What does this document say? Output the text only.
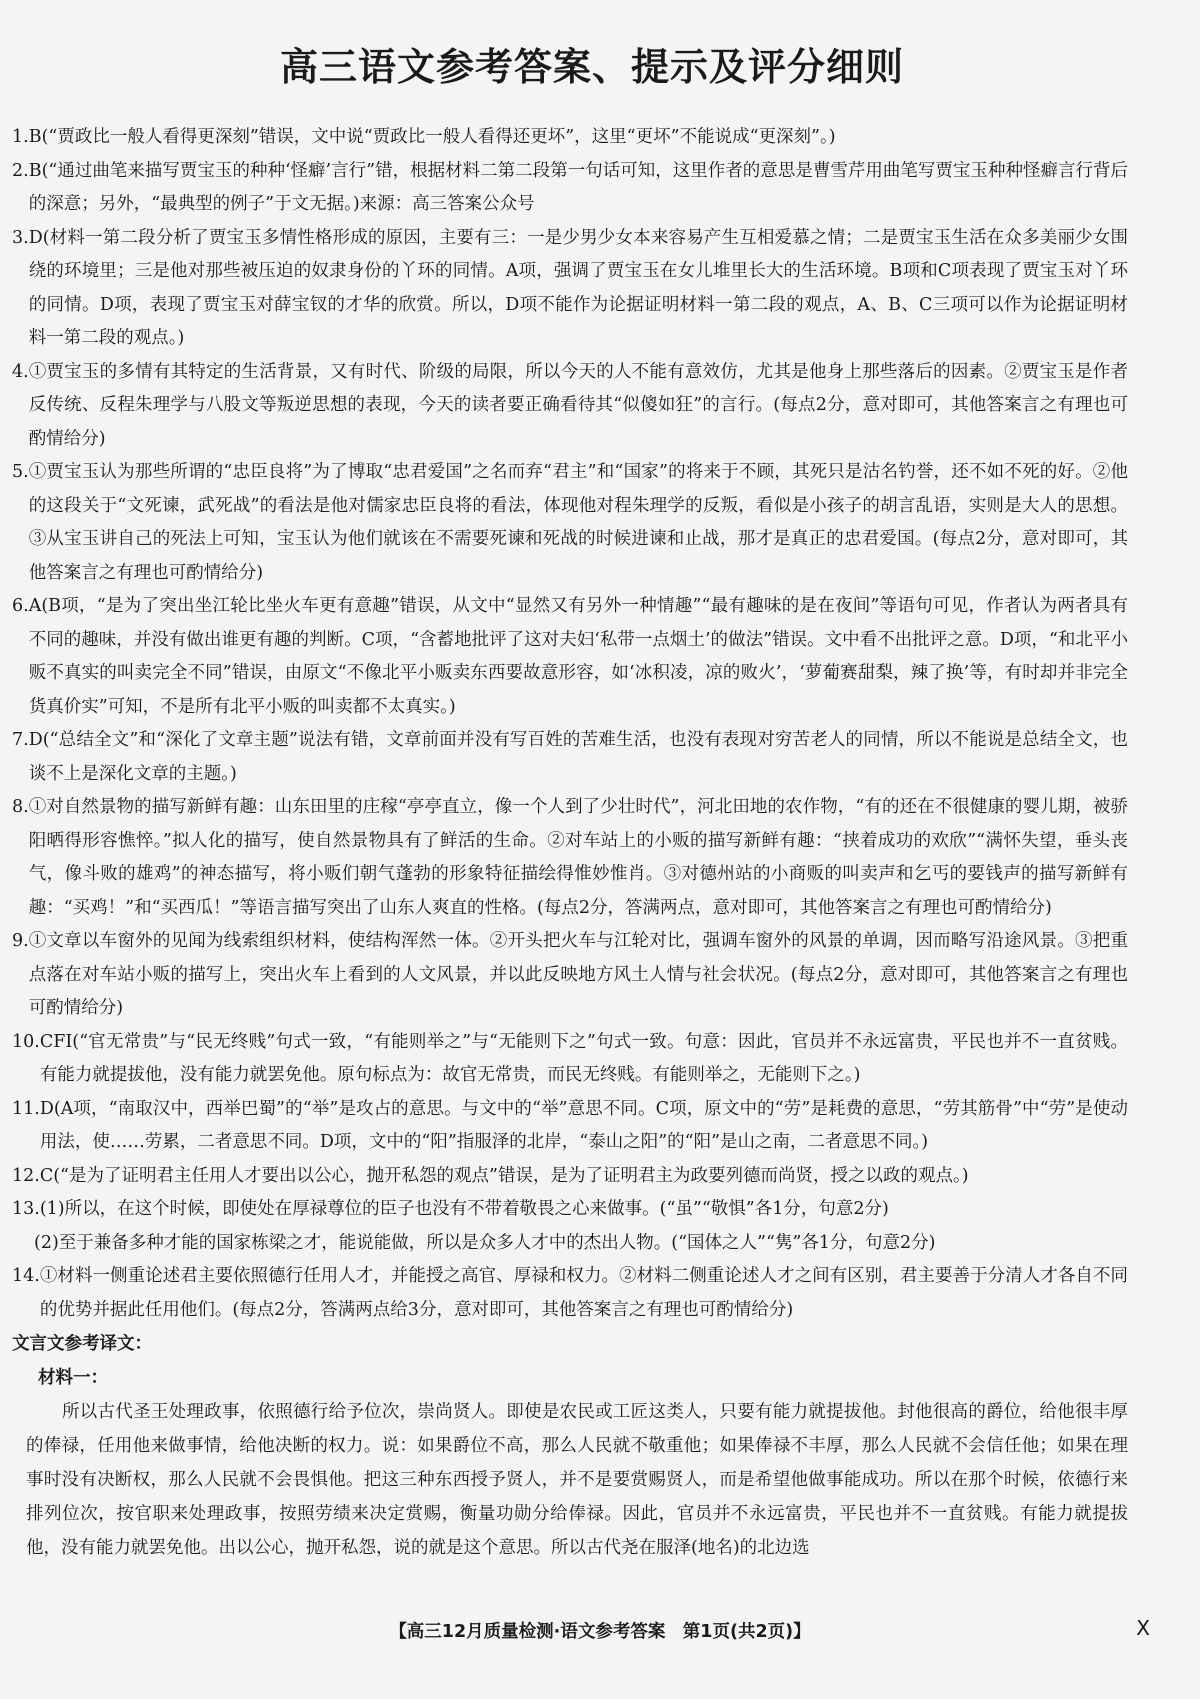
高三语文参考答案、提示及评分细则
1. B(“贾政比一般人看得更深刻”错误，文中说“贾政比一般人看得还更坏”，这里“更坏”不能说成“更深刻”。)
2. B(“通过曲笔来描写贾宝玉的种种‘怪癖’言行”错，根据材料二第二段第一句话可知，这里作者的意思是曹雪芹用曲笔写贾宝玉种种怪癖言行背后的深意；另外，“最典型的例子”于文无据。)来源：高三答案公众号
3. D(材料一第二段分析了贾宝玉多情性格形成的原因，主要有三：一是少男少女本来容易产生互相爱慕之情；二是贾宝玉生活在众多美丽少女围绕的环境里；三是他对那些被压迫的奴隶身份的丫环的同情。A项，强调了贾宝玉在女儿堆里长大的生活环境。B项和C项表现了贾宝玉对丫环的同情。D项，表现了贾宝玉对薛宝钗的才华的欣赏。所以，D项不能作为论据证明材料一第二段的观点，A、B、C三项可以作为论据证明材料一第二段的观点。)
4. ①贾宝玉的多情有其特定的生活背景，又有时代、阶级的局限，所以今天的人不能有意效仿，尤其是他身上那些落后的因素。②贾宝玉是作者反传统、反程朱理学与八股文等叛逆思想的表现，今天的读者要正确看待其“似傻如狂”的言行。(每点2分，意对即可，其他答案言之有理也可酌情给分)
5. ①贾宝玉认为那些所谓的“忠臣良将”为了博取“忠君爱国”之名而弃“君主”和“国家”的将来于不顾，其死只是沽名钓誉，还不如不死的好。②他的这段关于“文死谏，武死战”的看法是他对儒家忠臣良将的看法，体现他对程朱理学的反叛，看似是小孩子的胡言乱语，实则是大人的思想。③从宝玉讲自己的死法上可知，宝玉认为他们就该在不需要死谏和死战的时候进谏和止战，那才是真正的忠君爱国。(每点2分，意对即可，其他答案言之有理也可酌情给分)
6. A(B项，“是为了突出坐江轮比坐火车更有意趣”错误，从文中“显然又有另外一种情趣”“最有趣味的是在夜间”等语句可见，作者认为两者具有不同的趣味，并没有做出谁更有趣的判断。C项，“含蓄地批评了这对夫妇‘私带一点烟土’的做法”错误。文中看不出批评之意。D项，“和北平小贩不真实的叫卖完全不同”错误，由原文“不像北平小贩卖东西要故意形容，如‘冰积凌，凉的败火’，‘萝葡赛甜梨，辣了换’等，有时却并非完全货真价实”可知，不是所有北平小贩的叫卖都不太真实。)
7. D(“总结全文”和“深化了文章主题”说法有错，文章前面并没有写百姓的苦难生活，也没有表现对穷苦老人的同情，所以不能说是总结全文，也谈不上是深化文章的主题。)
8. ①对自然景物的描写新鲜有趣：山东田里的庄稼“亭亭直立，像一个人到了少壮时代”，河北田地的农作物，“有的还在不很健康的婴儿期，被骄阳晒得形容憔悴。”拟人化的描写，使自然景物具有了鲜活的生命。②对车站上的小贩的描写新鲜有趣：“挟着成功的欢欣”“满怀失望，垂头丧气，像斗败的雄鸡”的神态描写，将小贩们朝气蓬勃的形象特征描绘得惟妙惟肖。③对德州站的小商贩的叫卖声和乞丐的要钱声的描写新鲜有趣：“买鸡！”和“买西瓜！”等语言描写突出了山东人爽直的性格。(每点2分，答满两点，意对即可，其他答案言之有理也可酌情给分)
9. ①文章以车窗外的见闻为线索组织材料，使结构浑然一体。②开头把火车与江轮对比，强调车窗外的风景的单调，因而略写沿途风景。③把重点落在对车站小贩的描写上，突出火车上看到的人文风景，并以此反映地方风土人情与社会状况。(每点2分，意对即可，其他答案言之有理也可酌情给分)
10. CFI(“官无常贵”与“民无终贱”句式一致，“有能则举之”与“无能则下之”句式一致。句意：因此，官员并不永远富贵，平民也并不一直贫贱。有能力就提拔他，没有能力就罢免他。原句标点为：故官无常贵，而民无终贱。有能则举之，无能则下之。)
11. D(A项，“南取汉中，西举巴蜀”的“举”是攻占的意思。与文中的“举”意思不同。C项，原文中的“劳”是耗费的意思，“劳其筋骨”中“劳”是使动用法，使……劳累，二者意思不同。D项，文中的“阳”指服泽的北岸，“泰山之阳”的“阳”是山之南，二者意思不同。)
12. C(“是为了证明君主任用人才要出以公心，抛开私怨的观点”错误，是为了证明君主为政要列德而尚贤，授之以政的观点。)
13. (1)所以，在这个时候，即使处在厚禄尊位的臣子也没有不带着敬畏之心来做事。(“虽”“敬惧”各1分，句意2分)
(2)至于兼备多种才能的国家栋梁之才，能说能做，所以是众多人才中的杰出人物。(“国体之人”“隽”各1分，句意2分)
14. ①材料一侧重论述君主要依照德行任用人才，并能授之高官、厚禄和权力。②材料二侧重论述人才之间有区别，君主要善于分清人才各自不同的优势并据此任用他们。(每点2分，答满两点给3分，意对即可，其他答案言之有理也可酌情给分)

文言文参考译文：

材料一：

所以古代圣王处理政事，依照德行给予位次，崇尚贤人。即使是农民或工匠这类人，只要有能力就提拔他。封他很高的爵位，给他很丰厚的俸禄，任用他来做事情，给他决断的权力。说：如果爵位不高，那么人民就不敬重他；如果俸禄不丰厚，那么人民就不会信任他；如果在理事时没有决断权，那么人民就不会畏惧他。把这三种东西授予贤人，并不是要赏赐贤人，而是希望他做事能成功。所以在那个时候，依德行来排列位次，按官职来处理政事，按照劳绩来决定赏赐，衡量功勋分给俸禄。因此，官员并不永远富贵，平民也并不一直贫贱。有能力就提拔他，没有能力就罢免他。出以公心，抛开私怨，说的就是这个意思。所以古代尧在服泽(地名)的北边选

【高三12月质量检测·语文参考答案　第1页(共2页)】	X
